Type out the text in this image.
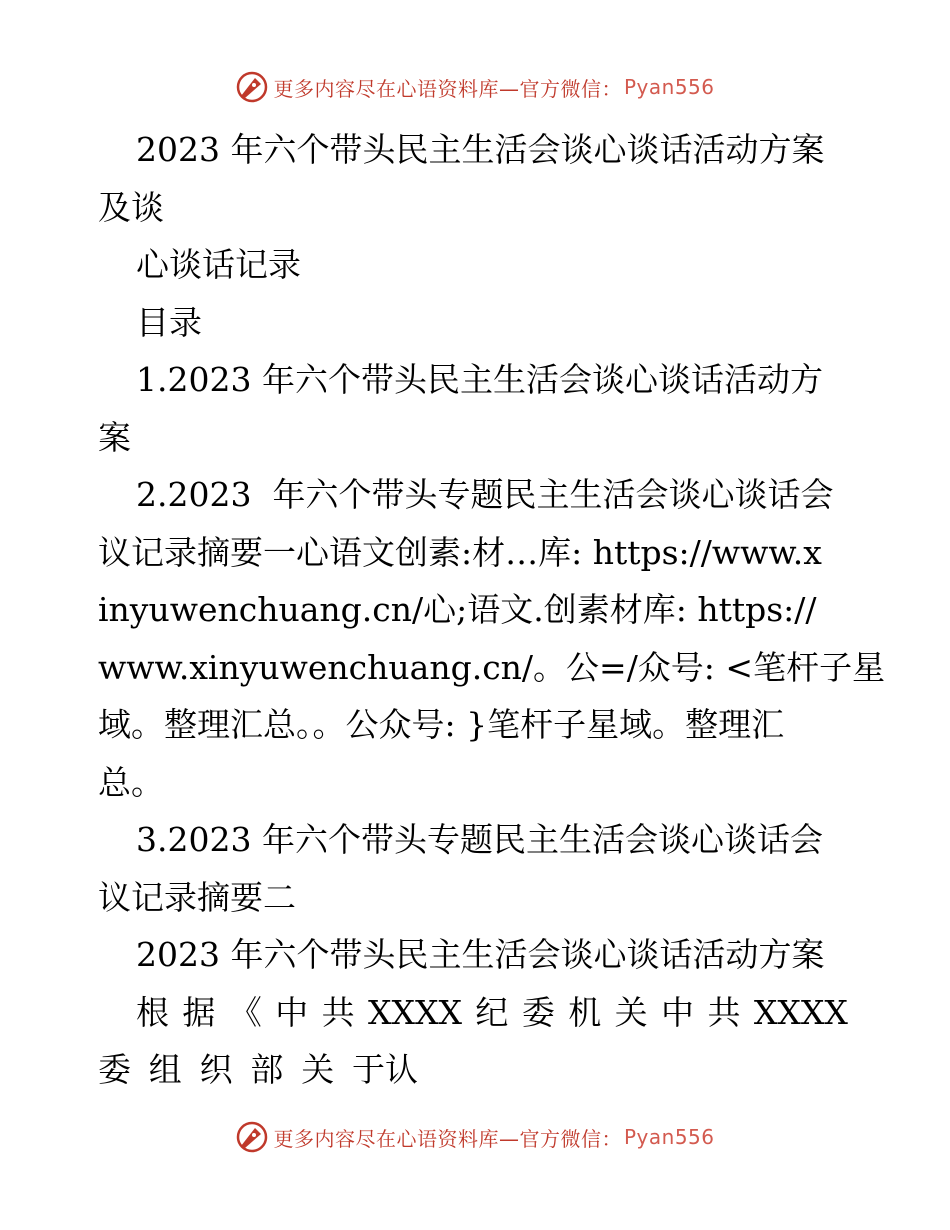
更多内容尽在心语资料库—官方微信： Pyan556
2023 年六个带头民主生活会谈心谈话活动方案
及谈
心谈话记录
目录
1.2023 年六个带头民主生活会谈心谈话活动方
案
2.2023  年六个带头专题民主生活会谈心谈话会
议记录摘要一心语文创素:材…库: https://www.x
inyuwenchuang.cn/心;语文.创素材库: https://
www.xinyuwenchuang.cn/。公=/众号: <笔杆子星
域。整理汇总。。公众号: }笔杆子星域。整理汇
总。
3.2023 年六个带头专题民主生活会谈心谈话会
议记录摘要二
2023 年六个带头民主生活会谈心谈话活动方案
根 据 《 中 共 XXXX 纪 委 机 关 中 共 XXXX
委 组 织 部 关 于认
更多内容尽在心语资料库—官方微信： Pyan556
